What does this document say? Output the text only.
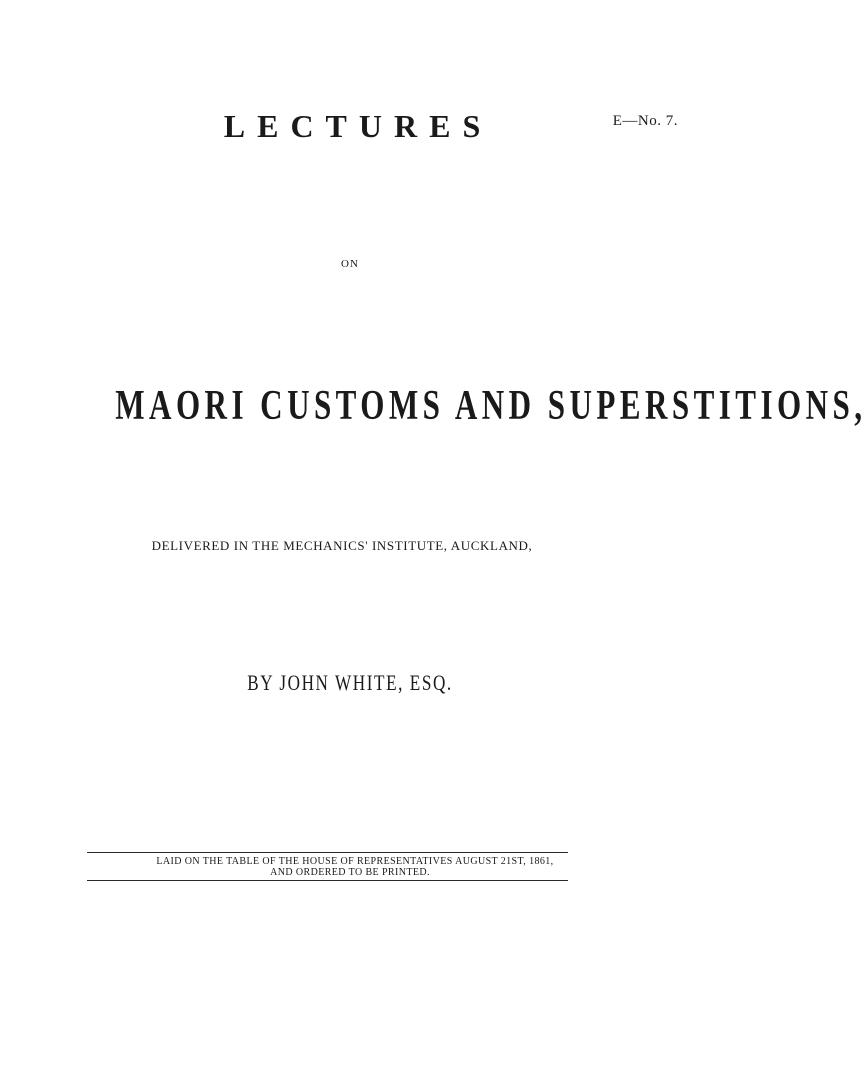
E—No. 7.
LECTURES
ON
MAORI CUSTOMS AND SUPERSTITIONS,
DELIVERED IN THE MECHANICS' INSTITUTE, AUCKLAND,
BY JOHN WHITE, ESQ.
LAID ON THE TABLE OF THE HOUSE OF REPRESENTATIVES AUGUST 21ST, 1861,
AND ORDERED TO BE PRINTED.
